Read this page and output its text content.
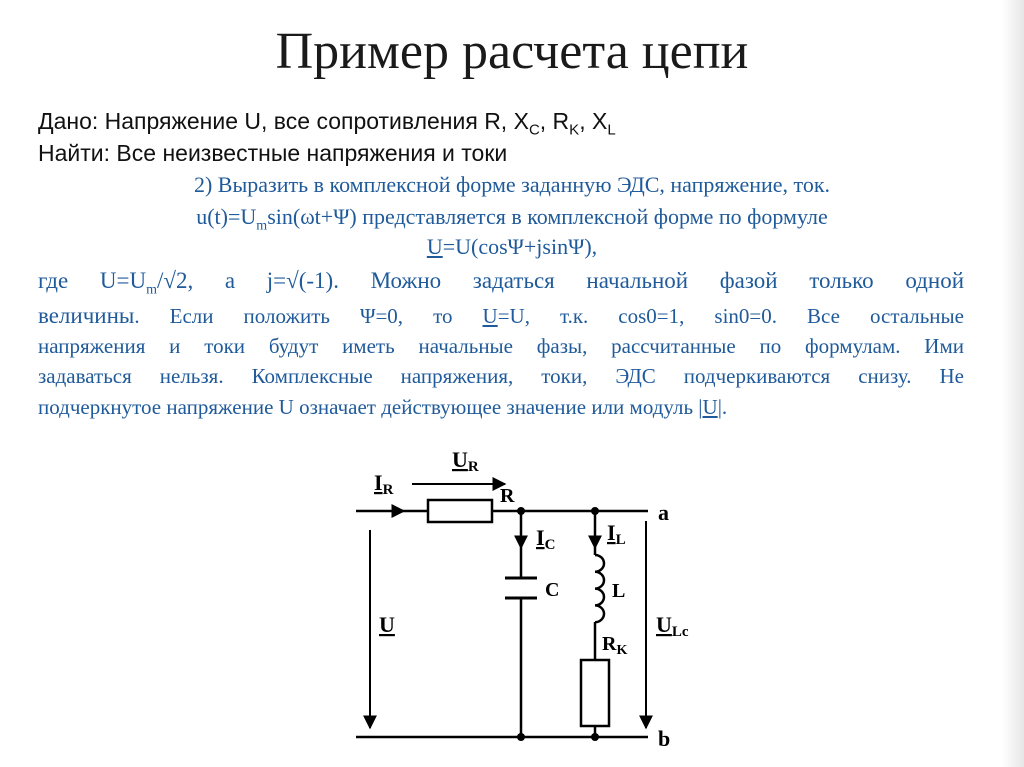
Пример расчета цепи
Дано: Напряжение U, все сопротивления R, $X_C$, $R_K$, $X_L$
Найти: Все неизвестные напряжения и токи
2) Выразить в комплексной форме заданную ЭДС, напряжение, ток.
$u(t)=U_m\sin(\omega t+\Psi)$ представляется в комплексной форме по формуле
U=U(cosΨ+jsinΨ),
где $U=U_m/√2$, а j=√(-1). Можно задаться начальной фазой только одной
величины. Если положить Ψ=0, то U=U, т.к. cos0=1, sin0=0. Все остальные
напряжения и токи будут иметь начальные фазы, рассчитанные по формулам. Ими
задаваться нельзя. Комплексные напряжения, токи, ЭДС подчеркиваются снизу. Не
подчеркнутое напряжение U означает действующее значение или модуль |U|.
UR
IR	R
IC IL
C	L
$R_K$
U	ULc
a
b
